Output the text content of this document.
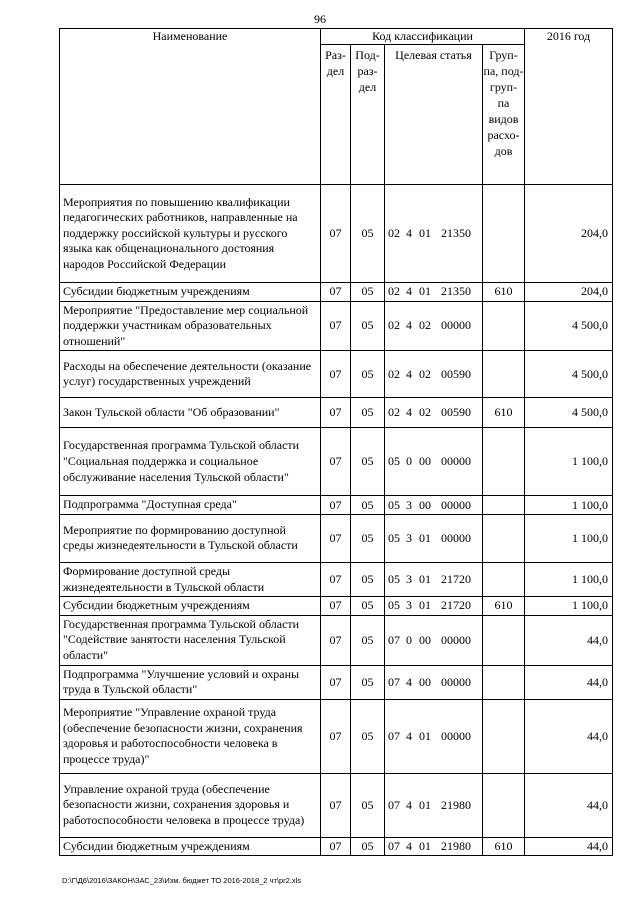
96
Наименование	Код классификации				2016 год
	Раз- дел	Под- раз- дел	Целевая статья	Груп- па, под- груп- па видов расхо- дов	
Мероприятия по повышению квалификации педагогических работников, направленные на поддержку российской культуры и русского языка как общенационального достояния народов Российской Федерации	07	05	02 4 01 21350		204,0
Субсидии бюджетным учреждениям	07	05	02 4 01 21350	610	204,0
Мероприятие "Предоставление мер социальной поддержки участникам образовательных отношений"	07	05	02 4 02 00000		4 500,0
Расходы на обеспечение деятельности (оказание услуг) государственных учреждений	07	05	02 4 02 00590		4 500,0
Закон Тульской области "Об образовании"	07	05	02 4 02 00590	610	4 500,0
Государственная программа Тульской области "Социальная поддержка и социальное обслуживание населения Тульской области"	07	05	05 0 00 00000		1 100,0
Подпрограмма "Доступная среда"	07	05	05 3 00 00000		1 100,0
Мероприятие по формированию доступной среды жизнедеятельности в Тульской области	07	05	05 3 01 00000		1 100,0
Формирование доступной среды жизнедеятельности в Тульской области	07	05	05 3 01 21720		1 100,0
Субсидии бюджетным учреждениям	07	05	05 3 01 21720	610	1 100,0
Государственная программа Тульской области "Содействие занятости населения Тульской области"	07	05	07 0 00 00000		44,0
Подпрограмма "Улучшение условий и охраны труда в Тульской области"	07	05	07 4 00 00000		44,0
Мероприятие "Управление охраной труда (обеспечение безопасности жизни, сохранения здоровья и работоспособности человека в процессе труда)"	07	05	07 4 01 00000		44,0
Управление охраной труда (обеспечение безопасности жизни, сохранения здоровья и работоспособности человека в процессе труда)	07	05	07 4 01 21980		44,0
Субсидии бюджетным учреждениям	07	05	07 4 01 21980	610	44,0
D:\Г\Д6\2016\ЗАКОН\ЗАС_23\Изм. бюджет ТО 2016-2018_2 чт\pr2.xls
